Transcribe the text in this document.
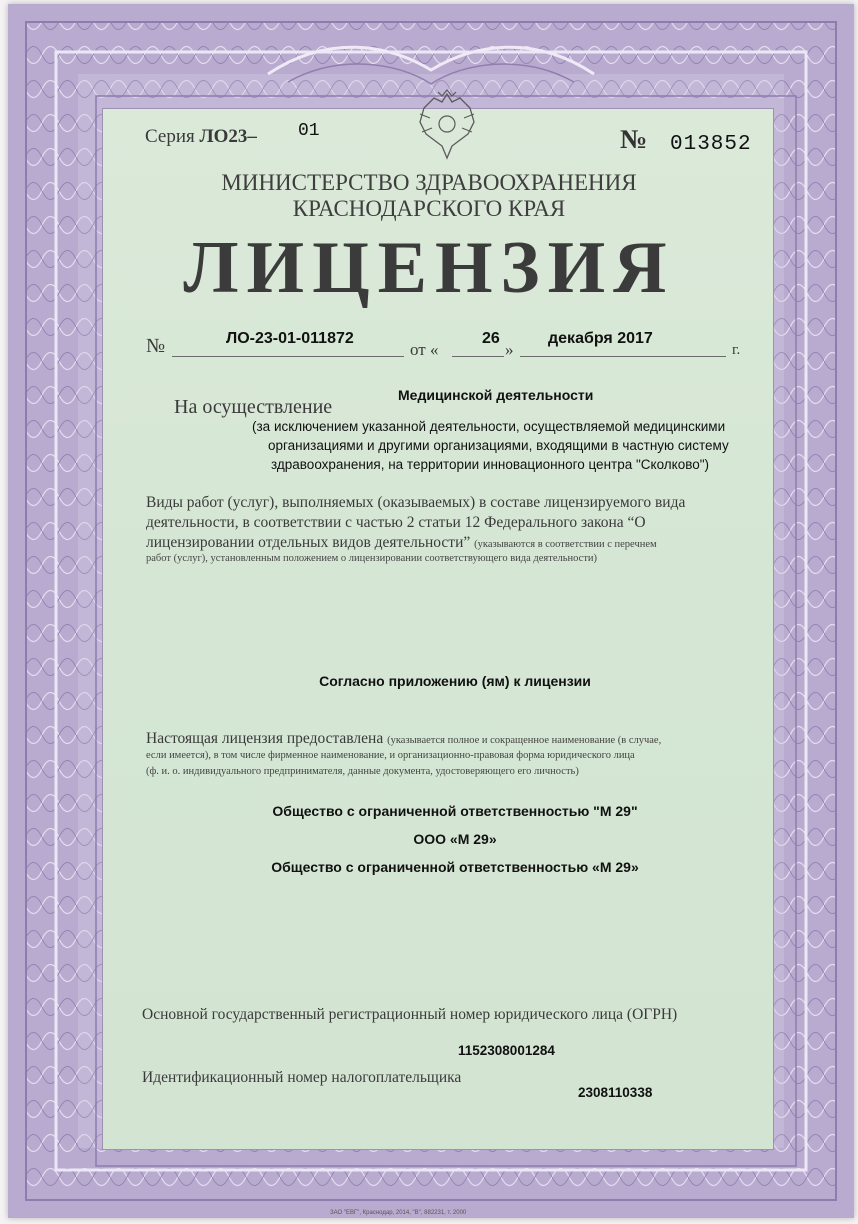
Серия ЛО23– 01	№ 013852
МИНИСТЕРСТВО ЗДРАВООХРАНЕНИЯ
КРАСНОДАРСКОГО КРАЯ
ЛИЦЕНЗИЯ
№	ЛО-23-01-011872
от «
26
»
декабря 2017
г.
Медицинской деятельности
На осуществление
(за исключением указанной деятельности, осуществляемой медицинскими
организациями и другими организациями, входящими в частную систему
здравоохранения, на территории инновационного центра "Сколково")
Виды работ (услуг), выполняемых (оказываемых) в составе лицензируемого вида
деятельности, в соответствии с частью 2 статьи 12 Федерального закона “О
лицензировании отдельных видов деятельности” (указываются в соответствии с перечнем
работ (услуг), установленным положением о лицензировании соответствующего вида деятельности)
Согласно приложению (ям) к лицензии
Настоящая лицензия предоставлена (указывается полное и сокращенное наименование (в случае,
если имеется), в том числе фирменное наименование, и организационно-правовая форма юридического лица
(ф. и. о. индивидуального предпринимателя, данные документа, удостоверяющего его личность)
Общество с ограниченной ответственностью "М 29"
ООО «М 29»
Общество с ограниченной ответственностью «М 29»
Основной государственный регистрационный номер юридического лица (ОГРН)
1152308001284
Идентификационный номер налогоплательщика
2308110338
ЗАО "ЕВГ", Краснодар, 2014, "В", 882231, т. 2000
